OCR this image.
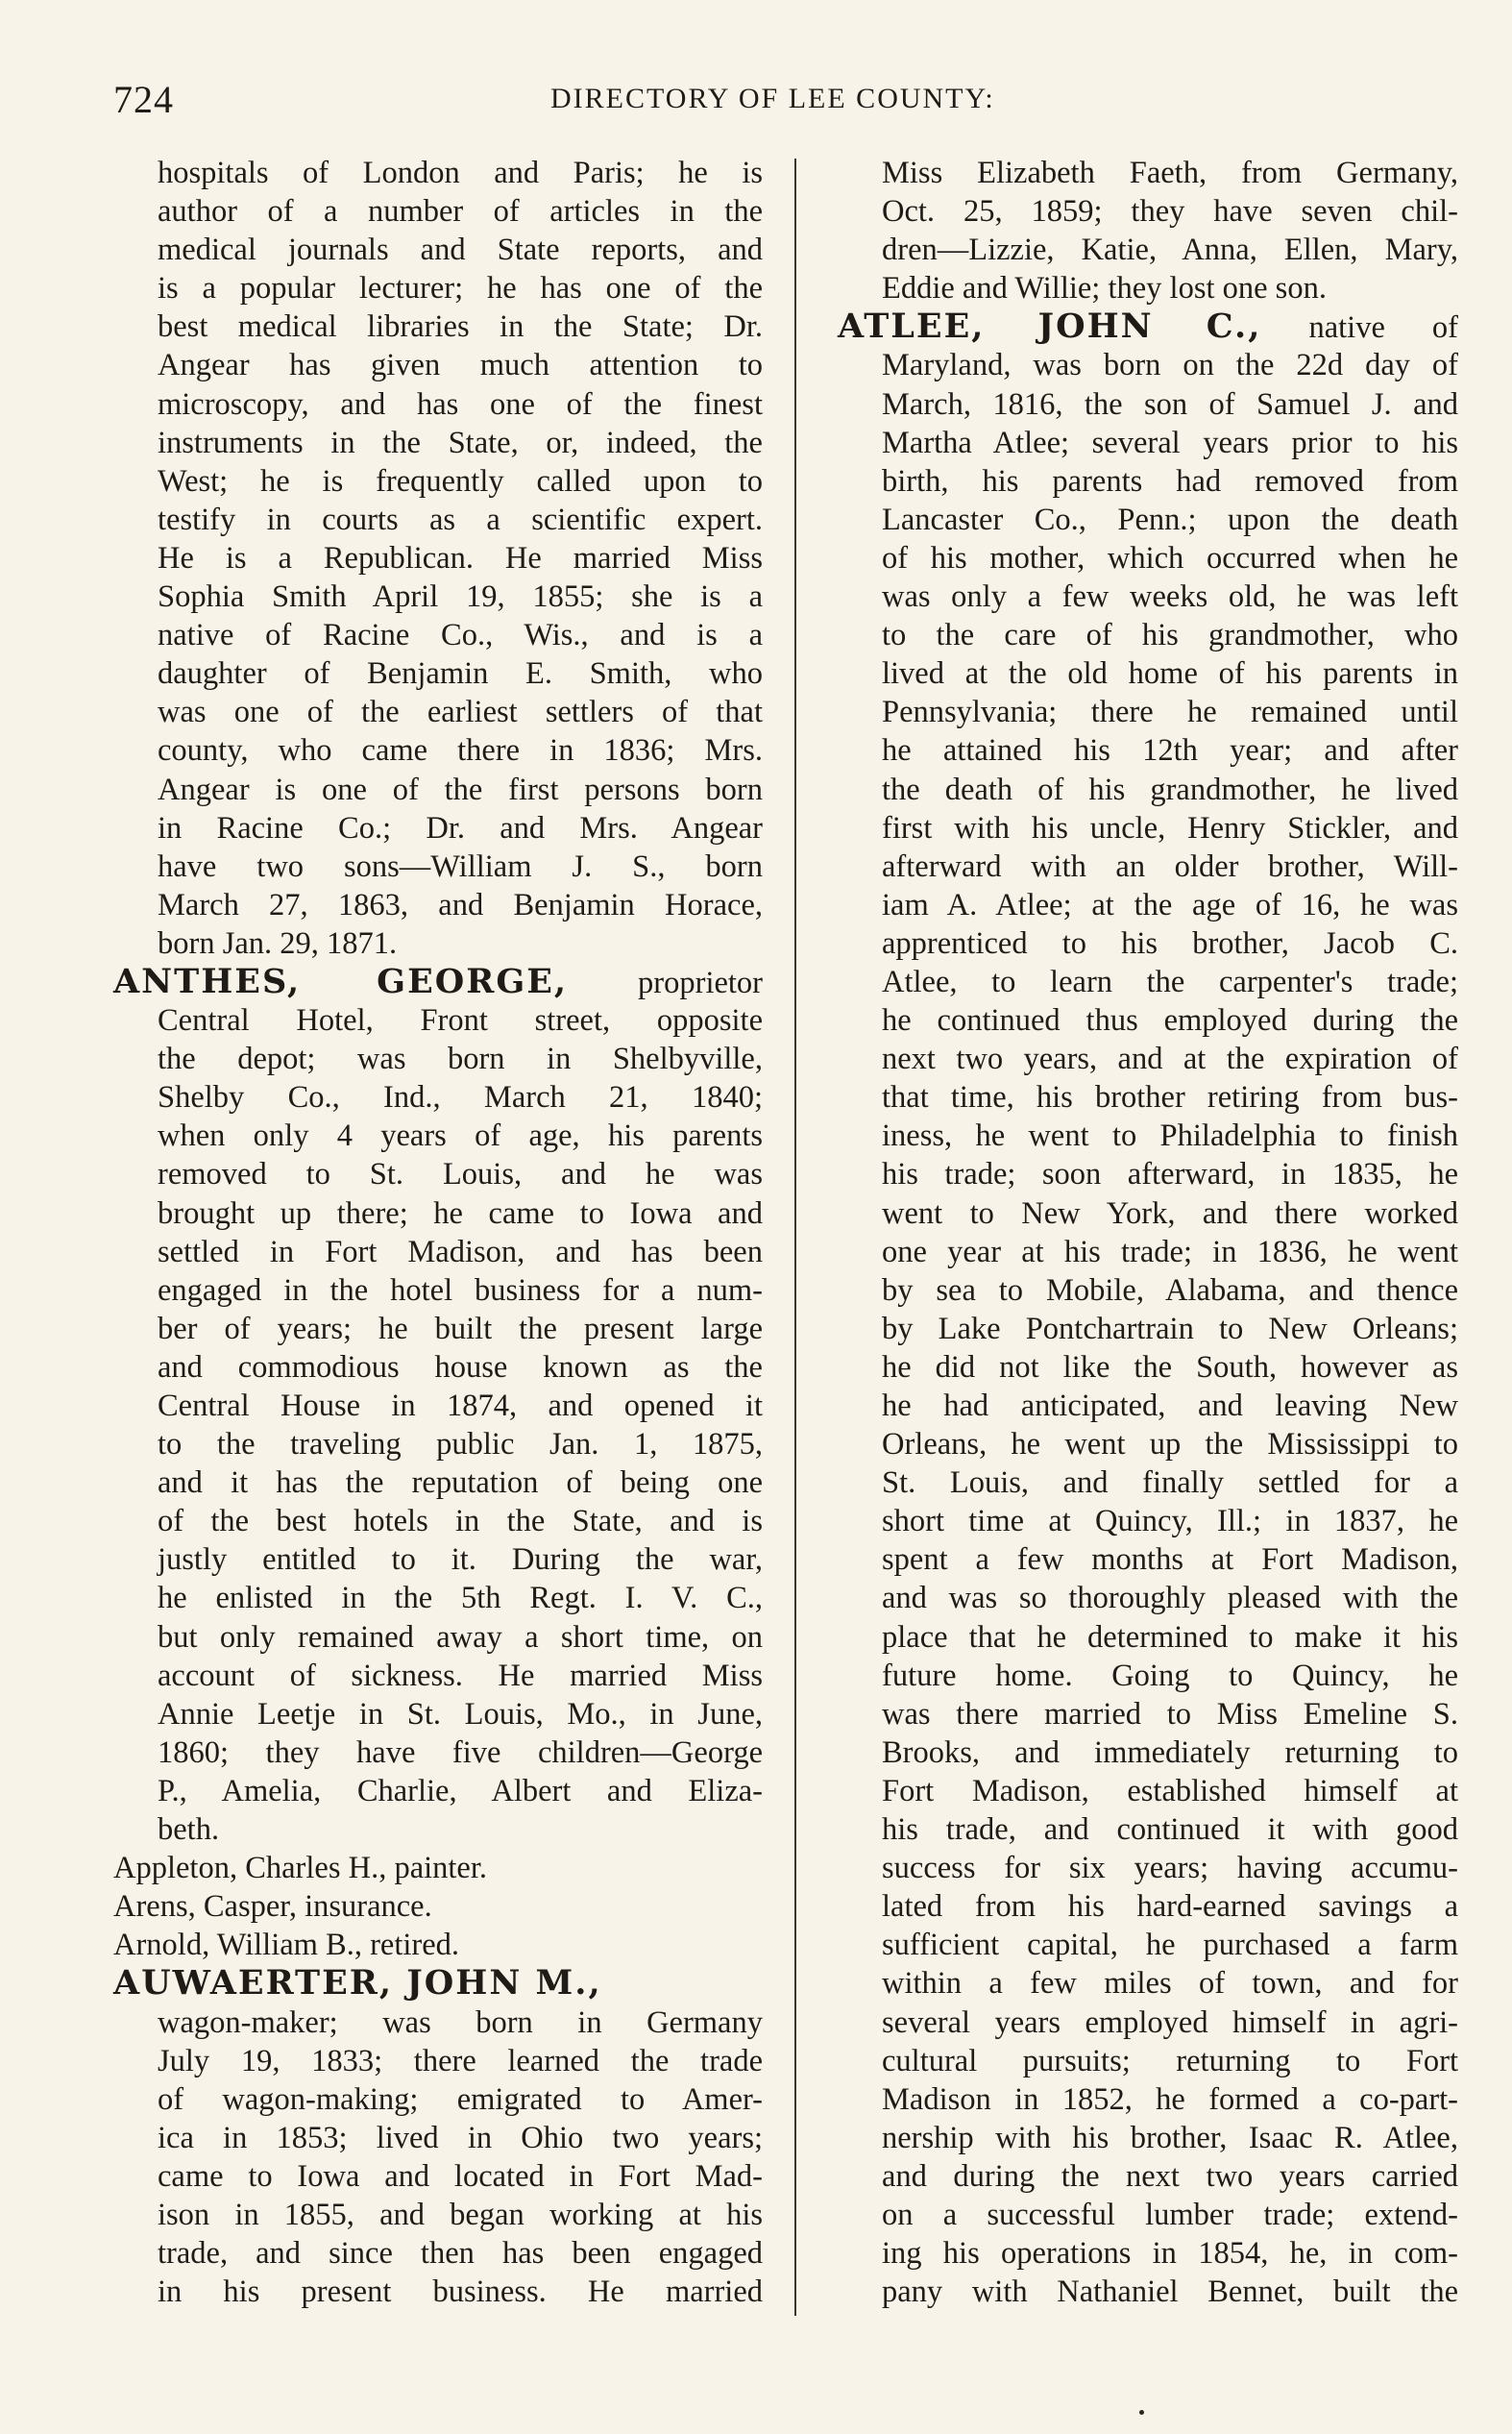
724	DIRECTORY OF LEE COUNTY:
hospitals of London and Paris; he is
author of a number of articles in the
medical journals and State reports, and
is a popular lecturer; he has one of the
best medical libraries in the State; Dr.
Angear has given much attention to
microscopy, and has one of the finest
instruments in the State, or, indeed, the
West; he is frequently called upon to
testify in courts as a scientific expert.
He is a Republican. He married Miss
Sophia Smith April 19, 1855; she is a
native of Racine Co., Wis., and is a
daughter of Benjamin E. Smith, who
was one of the earliest settlers of that
county, who came there in 1836; Mrs.
Angear is one of the first persons born
in Racine Co.; Dr. and Mrs. Angear
have two sons—William J. S., born
March 27, 1863, and Benjamin Horace,
born Jan. 29, 1871.
ANTHES, GEORGE, proprietor
Central Hotel, Front street, opposite
the depot; was born in Shelbyville,
Shelby Co., Ind., March 21, 1840;
when only 4 years of age, his parents
removed to St. Louis, and he was
brought up there; he came to Iowa and
settled in Fort Madison, and has been
engaged in the hotel business for a num-
ber of years; he built the present large
and commodious house known as the
Central House in 1874, and opened it
to the traveling public Jan. 1, 1875,
and it has the reputation of being one
of the best hotels in the State, and is
justly entitled to it. During the war,
he enlisted in the 5th Regt. I. V. C.,
but only remained away a short time, on
account of sickness. He married Miss
Annie Leetje in St. Louis, Mo., in June,
1860; they have five children—George
P., Amelia, Charlie, Albert and Eliza-
beth.
Appleton, Charles H., painter.
Arens, Casper, insurance.
Arnold, William B., retired.
AUWAERTER, JOHN M.,
wagon-maker; was born in Germany
July 19, 1833; there learned the trade
of wagon-making; emigrated to Amer-
ica in 1853; lived in Ohio two years;
came to Iowa and located in Fort Mad-
ison in 1855, and began working at his
trade, and since then has been engaged
in his present business. He married
Miss Elizabeth Faeth, from Germany,
Oct. 25, 1859; they have seven chil-
dren—Lizzie, Katie, Anna, Ellen, Mary,
Eddie and Willie; they lost one son.
ATLEE, JOHN C., native of
Maryland, was born on the 22d day of
March, 1816, the son of Samuel J. and
Martha Atlee; several years prior to his
birth, his parents had removed from
Lancaster Co., Penn.; upon the death
of his mother, which occurred when he
was only a few weeks old, he was left
to the care of his grandmother, who
lived at the old home of his parents in
Pennsylvania; there he remained until
he attained his 12th year; and after
the death of his grandmother, he lived
first with his uncle, Henry Stickler, and
afterward with an older brother, Will-
iam A. Atlee; at the age of 16, he was
apprenticed to his brother, Jacob C.
Atlee, to learn the carpenter's trade;
he continued thus employed during the
next two years, and at the expiration of
that time, his brother retiring from bus-
iness, he went to Philadelphia to finish
his trade; soon afterward, in 1835, he
went to New York, and there worked
one year at his trade; in 1836, he went
by sea to Mobile, Alabama, and thence
by Lake Pontchartrain to New Orleans;
he did not like the South, however as
he had anticipated, and leaving New
Orleans, he went up the Mississippi to
St. Louis, and finally settled for a
short time at Quincy, Ill.; in 1837, he
spent a few months at Fort Madison,
and was so thoroughly pleased with the
place that he determined to make it his
future home. Going to Quincy, he
was there married to Miss Emeline S.
Brooks, and immediately returning to
Fort Madison, established himself at
his trade, and continued it with good
success for six years; having accumu-
lated from his hard-earned savings a
sufficient capital, he purchased a farm
within a few miles of town, and for
several years employed himself in agri-
cultural pursuits; returning to Fort
Madison in 1852, he formed a co-part-
nership with his brother, Isaac R. Atlee,
and during the next two years carried
on a successful lumber trade; extend-
ing his operations in 1854, he, in com-
pany with Nathaniel Bennet, built the
